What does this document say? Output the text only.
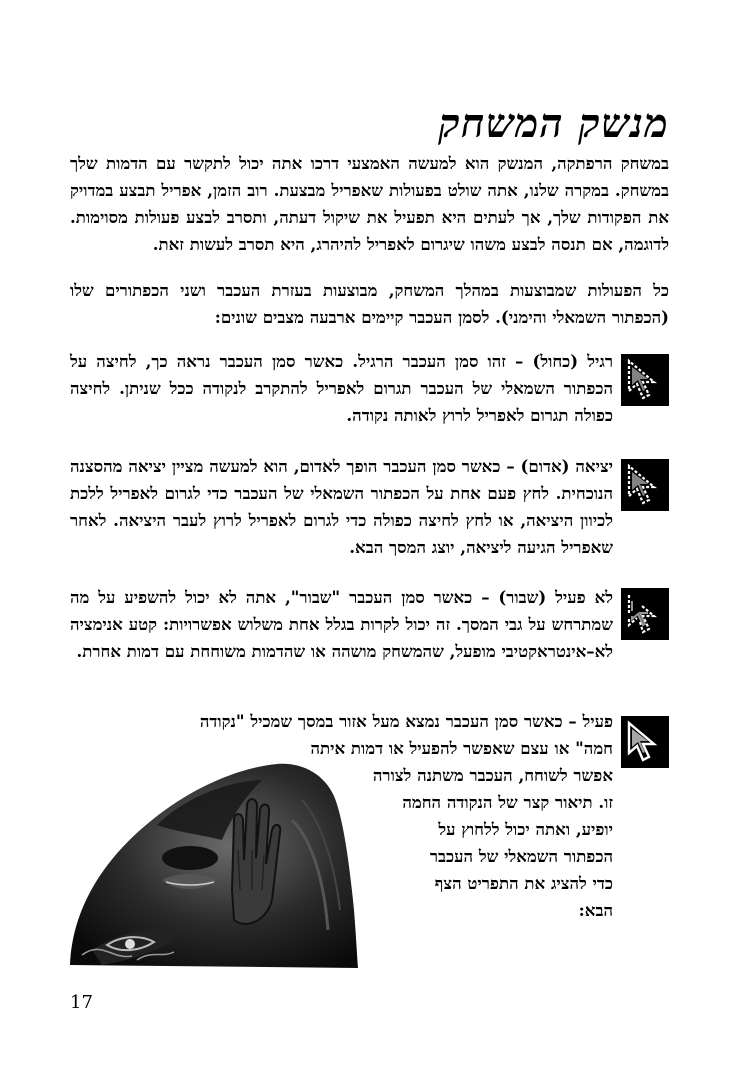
מנשק המשחק
במשחק הרפתקה, המנשק הוא למעשה האמצעי דרכו אתה יכול לתקשר עם הדמות שלך במשחק. במקרה שלנו, אתה שולט בפעולות שאפריל מבצעת. רוב הזמן, אפריל תבצע במדויק את הפקודות שלך, אך לעתים היא תפעיל את שיקול דעתה, ותסרב לבצע פעולות מסוימות. לדוגמה, אם תנסה לבצע משהו שיגרום לאפריל להיהרג, היא תסרב לעשות זאת.
כל הפעולות שמבוצעות במהלך המשחק, מבוצעות בעזרת העכבר ושני הכפתורים שלו (הכפתור השמאלי והימני). לסמן העכבר קיימים ארבעה מצבים שונים:
רגיל (כחול) – זהו סמן העכבר הרגיל. כאשר סמן העכבר נראה כך, לחיצה על הכפתור השמאלי של העכבר תגרום לאפריל להתקרב לנקודה ככל שניתן. לחיצה כפולה תגרום לאפריל לרוץ לאותה נקודה.
יציאה (אדום) – כאשר סמן העכבר הופך לאדום, הוא למעשה מציין יציאה מהסצנה הנוכחית. לחץ פעם אחת על הכפתור השמאלי של העכבר כדי לגרום לאפריל ללכת לכיוון היציאה, או לחץ לחיצה כפולה כדי לגרום לאפריל לרוץ לעבר היציאה. לאחר שאפריל הגיעה ליציאה, יוצג המסך הבא.
לא פעיל (שבור) – כאשר סמן העכבר "שבור", אתה לא יכול להשפיע על מה שמתרחש על גבי המסך. זה יכול לקרות בגלל אחת משלוש אפשרויות: קטע אנימציה לא–אינטראקטיבי מופעל, שהמשחק מושהה או שהדמות משוחחת עם דמות אחרת.
פעיל – כאשר סמן העכבר נמצא מעל אזור במסך שמכיל "נקודה
חמה" או עצם שאפשר להפעיל או דמות איתה
אפשר לשוחח, העכבר משתנה לצורה
זו. תיאור קצר של הנקודה החמה
יופיע, ואתה יכול ללחוץ על
הכפתור השמאלי של העכבר
כדי להציג את התפריט הצף
הבא:
17
